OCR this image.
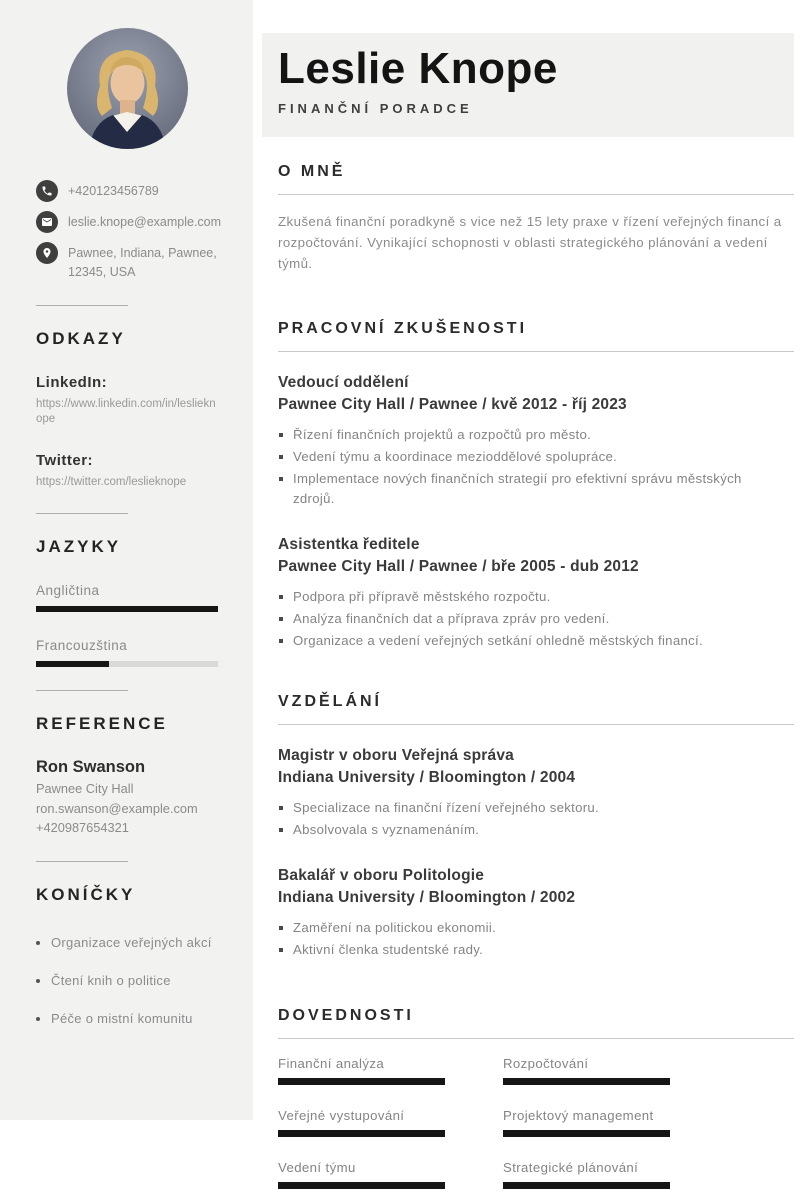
+420123456789
leslie.knope@example.com
Pawnee, Indiana, Pawnee, 12345, USA
ODKAZY
LinkedIn:
https://www.linkedin.com/in/leslieknope
Twitter:
https://twitter.com/leslieknope
JAZYKY
Angličtina
Francouzština
REFERENCE
Ron Swanson
Pawnee City Hall
ron.swanson@example.com
+420987654321
KONÍČKY
Organizace veřejných akcí
Čtení knih o politice
Péče o mistní komunitu
Leslie Knope
FINANČNÍ PORADCE
O MNĚ

Zkušená finanční poradkyně s vice než 15 lety praxe v řízení veřejných financí a rozpočtování. Vynikající schopnosti v oblasti strategického plánování a vedení týmů.

PRACOVNÍ ZKUŠENOSTI
Vedoucí oddělení
Pawnee City Hall / Pawnee / kvě 2012 - říj 2023
Řízení finančních projektů a rozpočtů pro město.
Vedení týmu a koordinace mezioddělové spolupráce.
Implementace nových finančních strategií pro efektivní správu městských zdrojů.
Asistentka ředitele
Pawnee City Hall / Pawnee / bře 2005 - dub 2012
Podpora při přípravě městského rozpočtu.
Analýza finančních dat a příprava zpráv pro vedení.
Organizace a vedení veřejných setkání ohledně městských financí.
VZDĚLÁNÍ
Magistr v oboru Veřejná správa
Indiana University / Bloomington / 2004
Specializace na finanční řízení veřejného sektoru.
Absolvovala s vyznamenáním.
Bakalář v oboru Politologie
Indiana University / Bloomington / 2002
Zaměření na politickou ekonomii.
Aktivní členka studentské rady.
DOVEDNOSTI
Finanční analýza	Rozpočtování
Veřejné vystupování	Projektový management
Vedení týmu	Strategické plánování
